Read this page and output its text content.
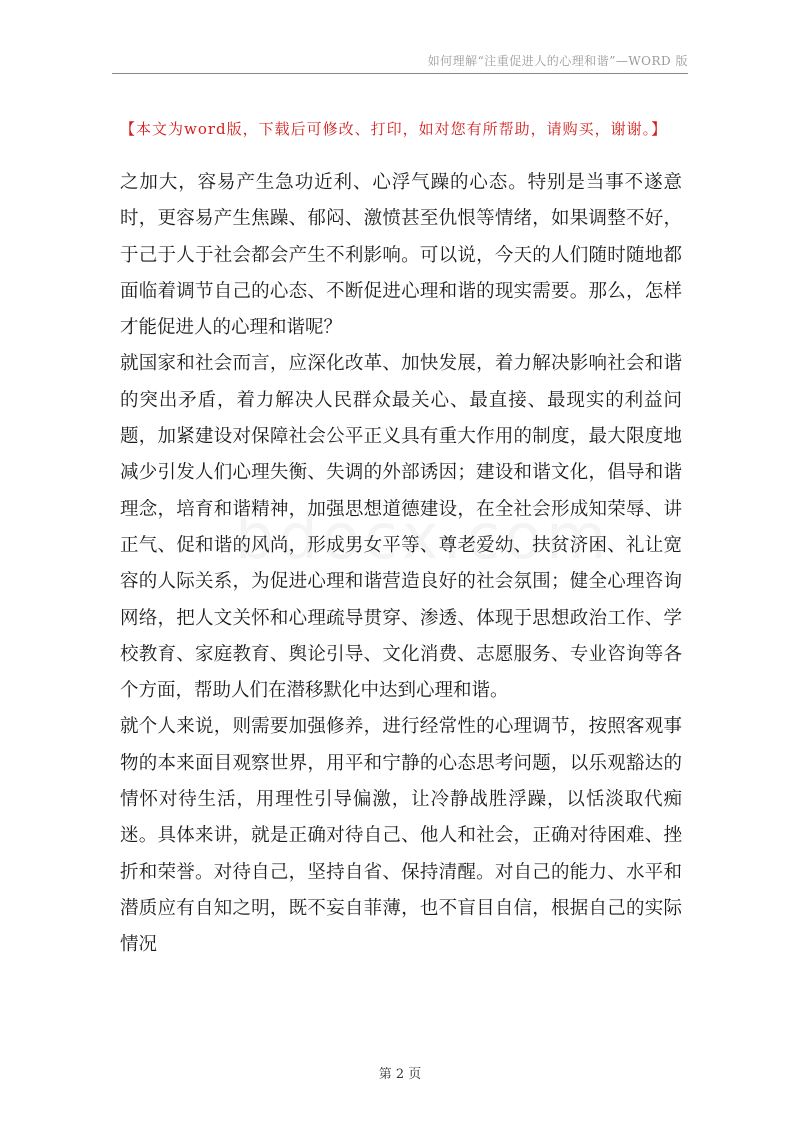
如何理解“注重促进人的心理和谐”—WORD 版
【本文为word版，下载后可修改、打印，如对您有所帮助，请购买，谢谢。】

之加大，容易产生急功近利、心浮气躁的心态。特别是当事不遂意时，更容易产生焦躁、郁闷、激愤甚至仇恨等情绪，如果调整不好，于己于人于社会都会产生不利影响。可以说，今天的人们随时随地都面临着调节自己的心态、不断促进心理和谐的现实需要。那么，怎样才能促进人的心理和谐呢？

就国家和社会而言，应深化改革、加快发展，着力解决影响社会和谐的突出矛盾，着力解决人民群众最关心、最直接、最现实的利益问题，加紧建设对保障社会公平正义具有重大作用的制度，最大限度地减少引发人们心理失衡、失调的外部诱因；建设和谐文化，倡导和谐理念，培育和谐精神，加强思想道德建设，在全社会形成知荣辱、讲正气、促和谐的风尚，形成男女平等、尊老爱幼、扶贫济困、礼让宽容的人际关系，为促进心理和谐营造良好的社会氛围；健全心理咨询网络，把人文关怀和心理疏导贯穿、渗透、体现于思想政治工作、学校教育、家庭教育、舆论引导、文化消费、志愿服务、专业咨询等各个方面，帮助人们在潜移默化中达到心理和谐。

就个人来说，则需要加强修养，进行经常性的心理调节，按照客观事物的本来面目观察世界，用平和宁静的心态思考问题，以乐观豁达的情怀对待生活，用理性引导偏激，让冷静战胜浮躁，以恬淡取代痴迷。具体来讲，就是正确对待自己、他人和社会，正确对待困难、挫折和荣誉。对待自己，坚持自省、保持清醒。对自己的能力、水平和潜质应有自知之明，既不妄自菲薄，也不盲目自信，根据自己的实际情况

第 2 页
